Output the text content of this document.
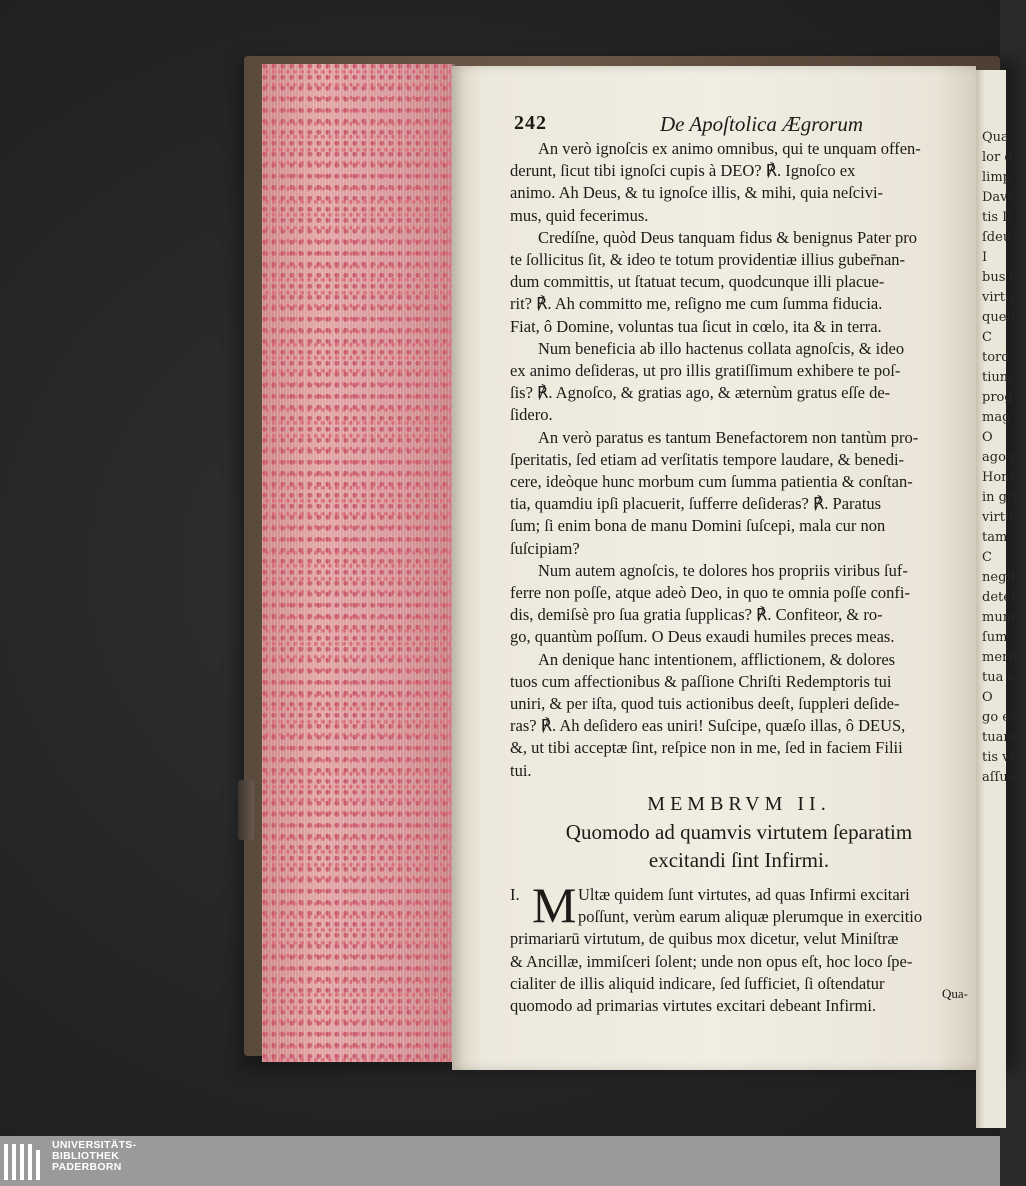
Qua
lor d
limp
Davi
tis D
ſdeu
I
bus e
virtu
quen
C
tord
tium
prog
mag
O
ago p
Hom
in gra
virtu
tam
C
negli
deteſ
mum
ſum,
merit
tua ag
O
go er
tuam
tis vi
aſſus e
242	De Apoſtolica Ægrorum
An verò ignoſcis ex animo omnibus, qui te unquam offen-
derunt, ſicut tibi ignoſci cupis à DEO? ℟. Ignoſco ex
animo. Ah Deus, & tu ignoſce illis, & mihi, quia neſcivi-
mus, quid fecerimus.
Credíſne, quòd Deus tanquam fidus & benignus Pater pro
te ſollicitus ſit, & ideo te totum providentiæ illius guber̄nan-
dum committis, ut ſtatuat tecum, quodcunque illi placue-
rit? ℟. Ah committo me, reſigno me cum ſumma fiducia.
Fiat, ô Domine, voluntas tua ſicut in cœlo, ita & in terra.
Num beneficia ab illo hactenus collata agnoſcis, & ideo
ex animo deſideras, ut pro illis gratiſſimum exhibere te poſ-
ſis? ℟. Agnoſco, & gratias ago, & æternùm gratus eſſe de-
ſidero.
An verò paratus es tantum Benefactorem non tantùm pro-
ſperitatis, ſed etiam ad verſitatis tempore laudare, & benedi-
cere, ideòque hunc morbum cum ſumma patientia & conſtan-
tia, quamdiu ipſi placuerit, ſufferre deſideras? ℟. Paratus
ſum; ſi enim bona de manu Domini ſuſcepi, mala cur non
ſuſcipiam?
Num autem agnoſcis, te dolores hos propriis viribus ſuf-
ferre non poſſe, atque adeò Deo, in quo te omnia poſſe confi-
dis, demiſsè pro ſua gratia ſupplicas? ℟. Confiteor, & ro-
go, quantùm poſſum. O Deus exaudi humiles preces meas.
An denique hanc intentionem, afflictionem, & dolores
tuos cum affectionibus & paſſione Chriſti Redemptoris tui
uniri, & per iſta, quod tuis actionibus deeſt, ſuppleri deſide-
ras? ℟. Ah deſidero eas uniri! Suſcipe, quæſo illas, ô DEUS,
&, ut tibi acceptæ ſint, reſpice non in me, ſed in faciem Filii
tui.
MEMBRVM II.
Quomodo ad quamvis virtutem ſeparatim
excitandi ſint Infirmi.
I. M Ultæ quidem ſunt virtutes, ad quas Infirmi excitari
poſſunt, verùm earum aliquæ plerumque in exercitio
primariarū virtutum, de quibus mox dicetur, velut Miniſtræ
& Ancillæ, immiſceri ſolent; unde non opus eſt, hoc loco ſpe-
cialiter de illis aliquid indicare, ſed ſufficiet, ſi oſtendatur
quomodo ad primarias virtutes excitari debeant Infirmi.
Qua-
UNIVERSITÄTS-
BIBLIOTHEK
PADERBORN
